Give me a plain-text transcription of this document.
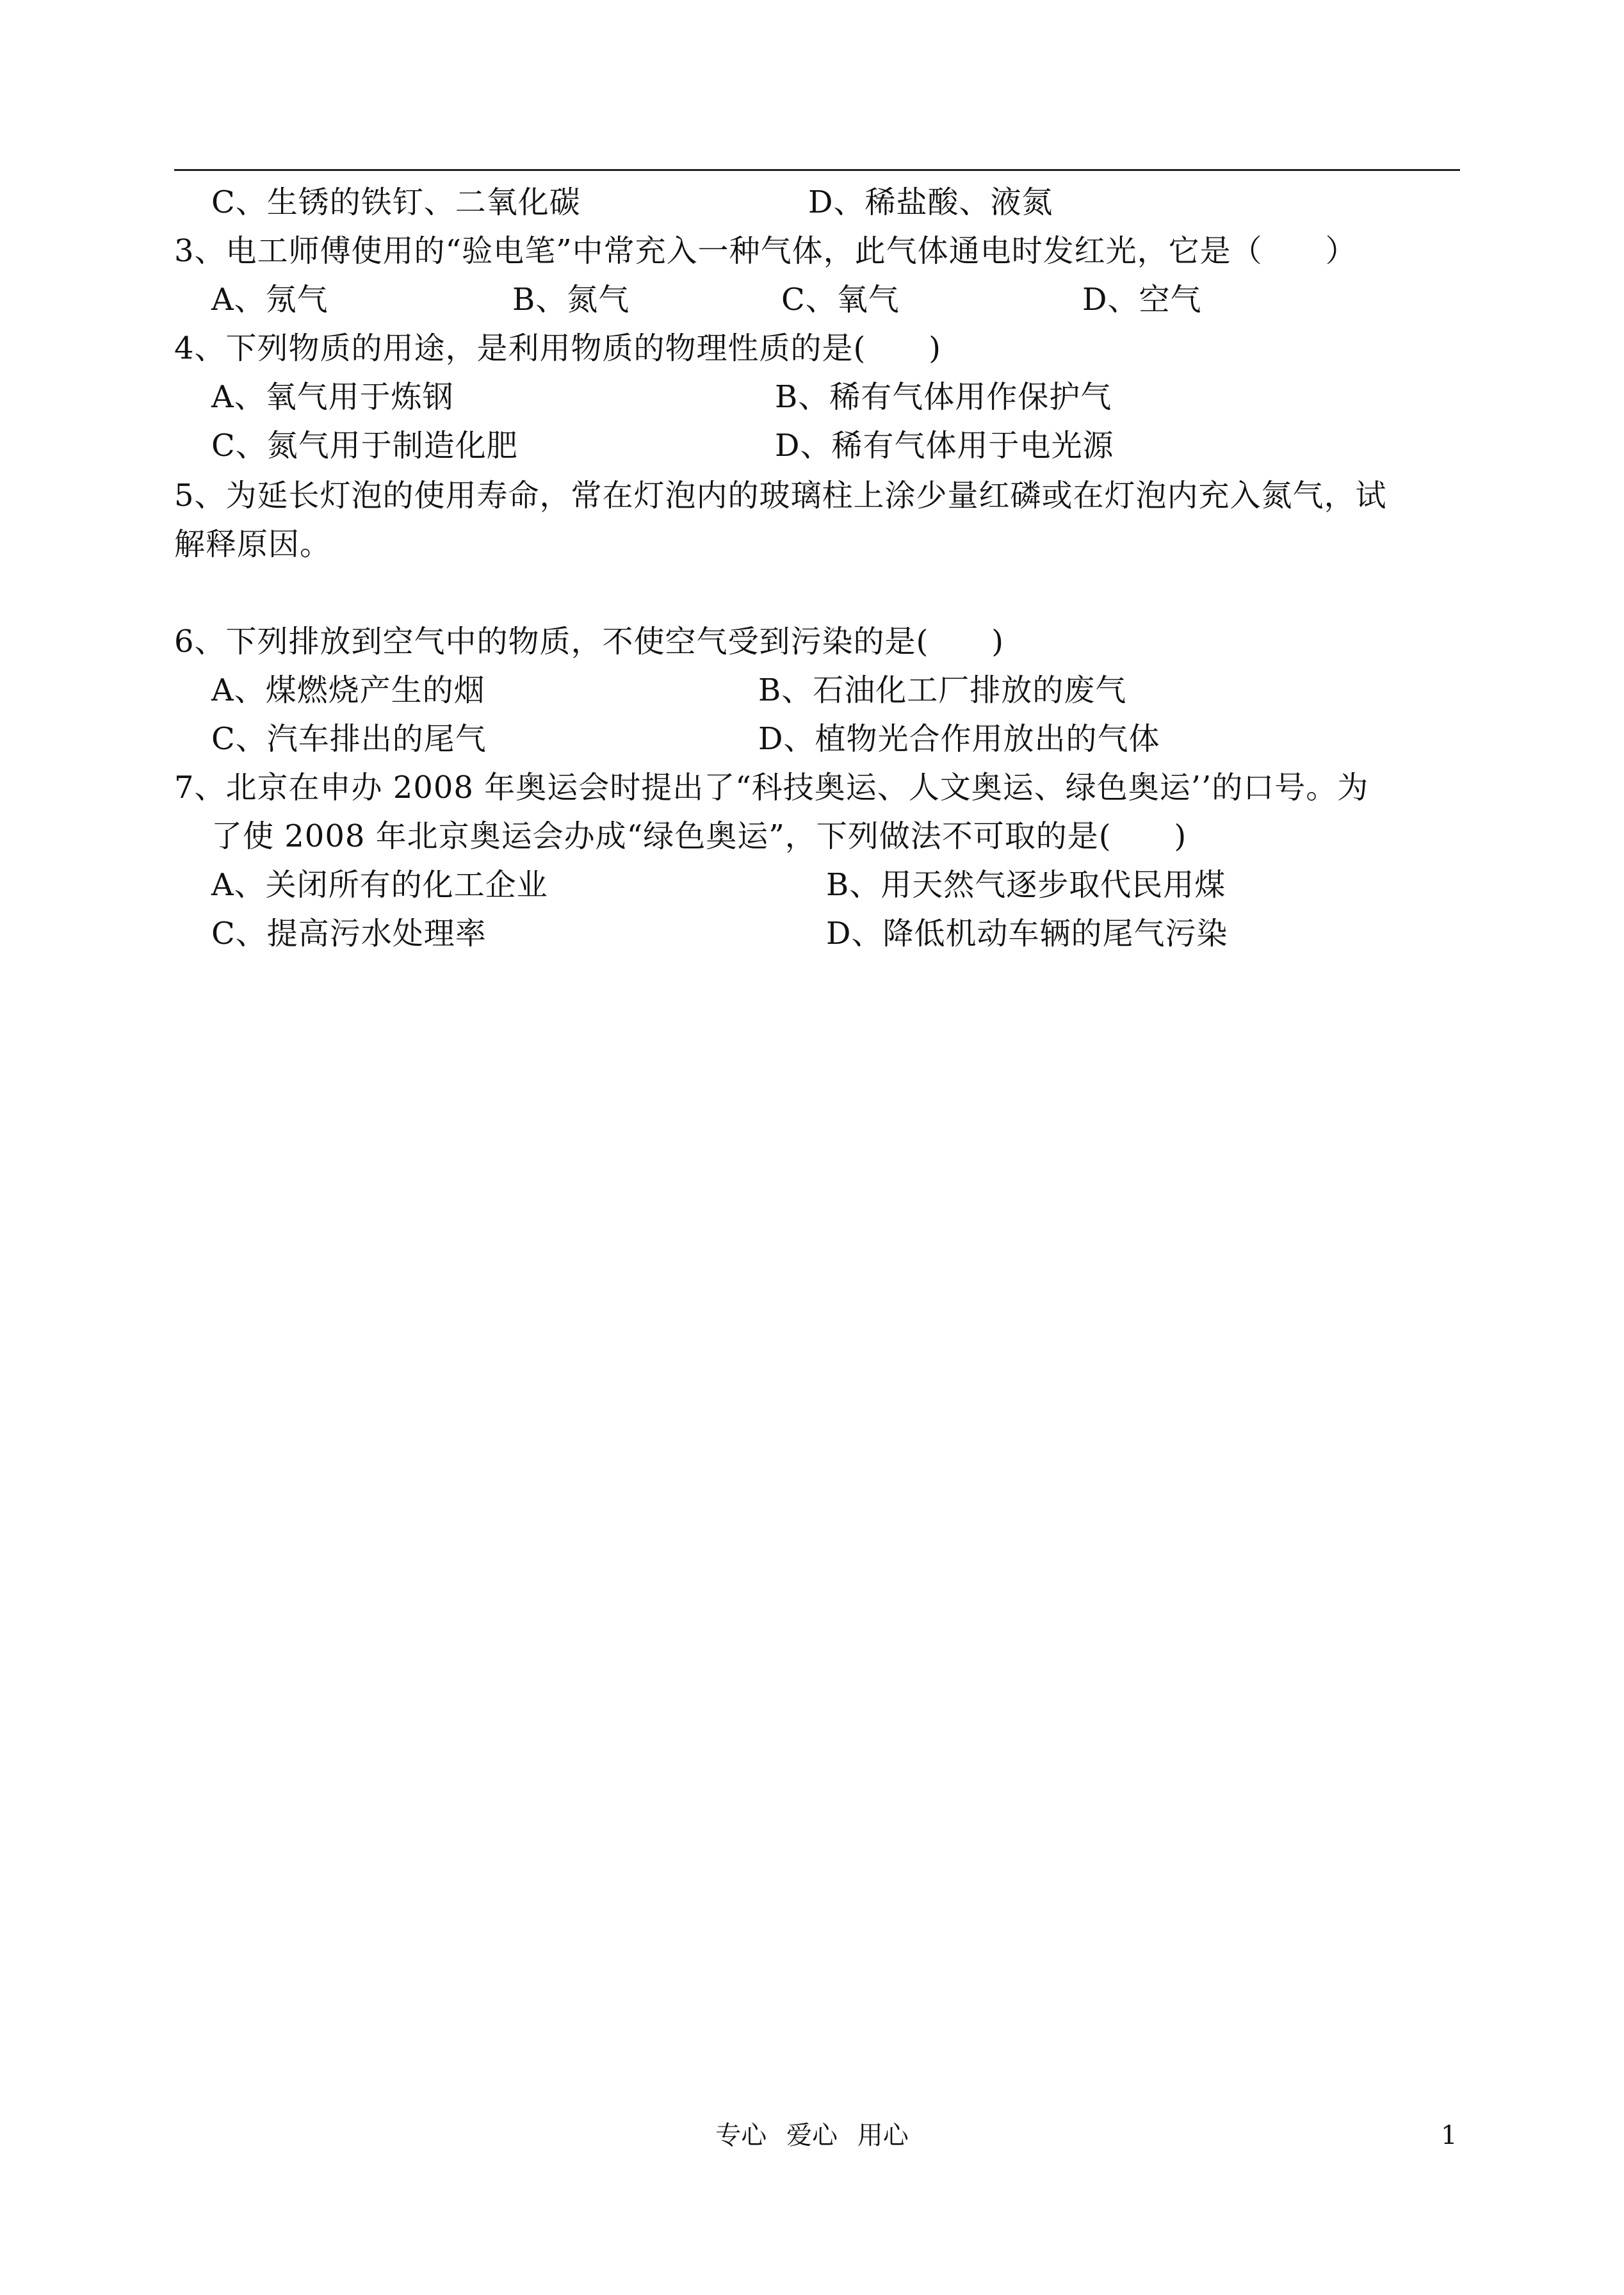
C、生锈的铁钉、二氧化碳	D、稀盐酸、液氮
3、电工师傅使用的“验电笔”中常充入一种气体，此气体通电时发红光，它是（　　）
A、氖气	B、氮气	C、氧气	D、空气
4、下列物质的用途，是利用物质的物理性质的是(　　)
A、氧气用于炼钢	B、稀有气体用作保护气
C、氮气用于制造化肥	D、稀有气体用于电光源
5、为延长灯泡的使用寿命，常在灯泡内的玻璃柱上涂少量红磷或在灯泡内充入氮气，试
解释原因。
6、下列排放到空气中的物质，不使空气受到污染的是(　　)
A、煤燃烧产生的烟	B、石油化工厂排放的废气
C、汽车排出的尾气	D、植物光合作用放出的气体
7、北京在申办 2008 年奥运会时提出了“科技奥运、人文奥运、绿色奥运’’的口号。为
了使 2008 年北京奥运会办成“绿色奥运”，下列做法不可取的是(　　)
A、关闭所有的化工企业	B、用天然气逐步取代民用煤
C、提高污水处理率	D、降低机动车辆的尾气污染
专心 爱心 用心	1
